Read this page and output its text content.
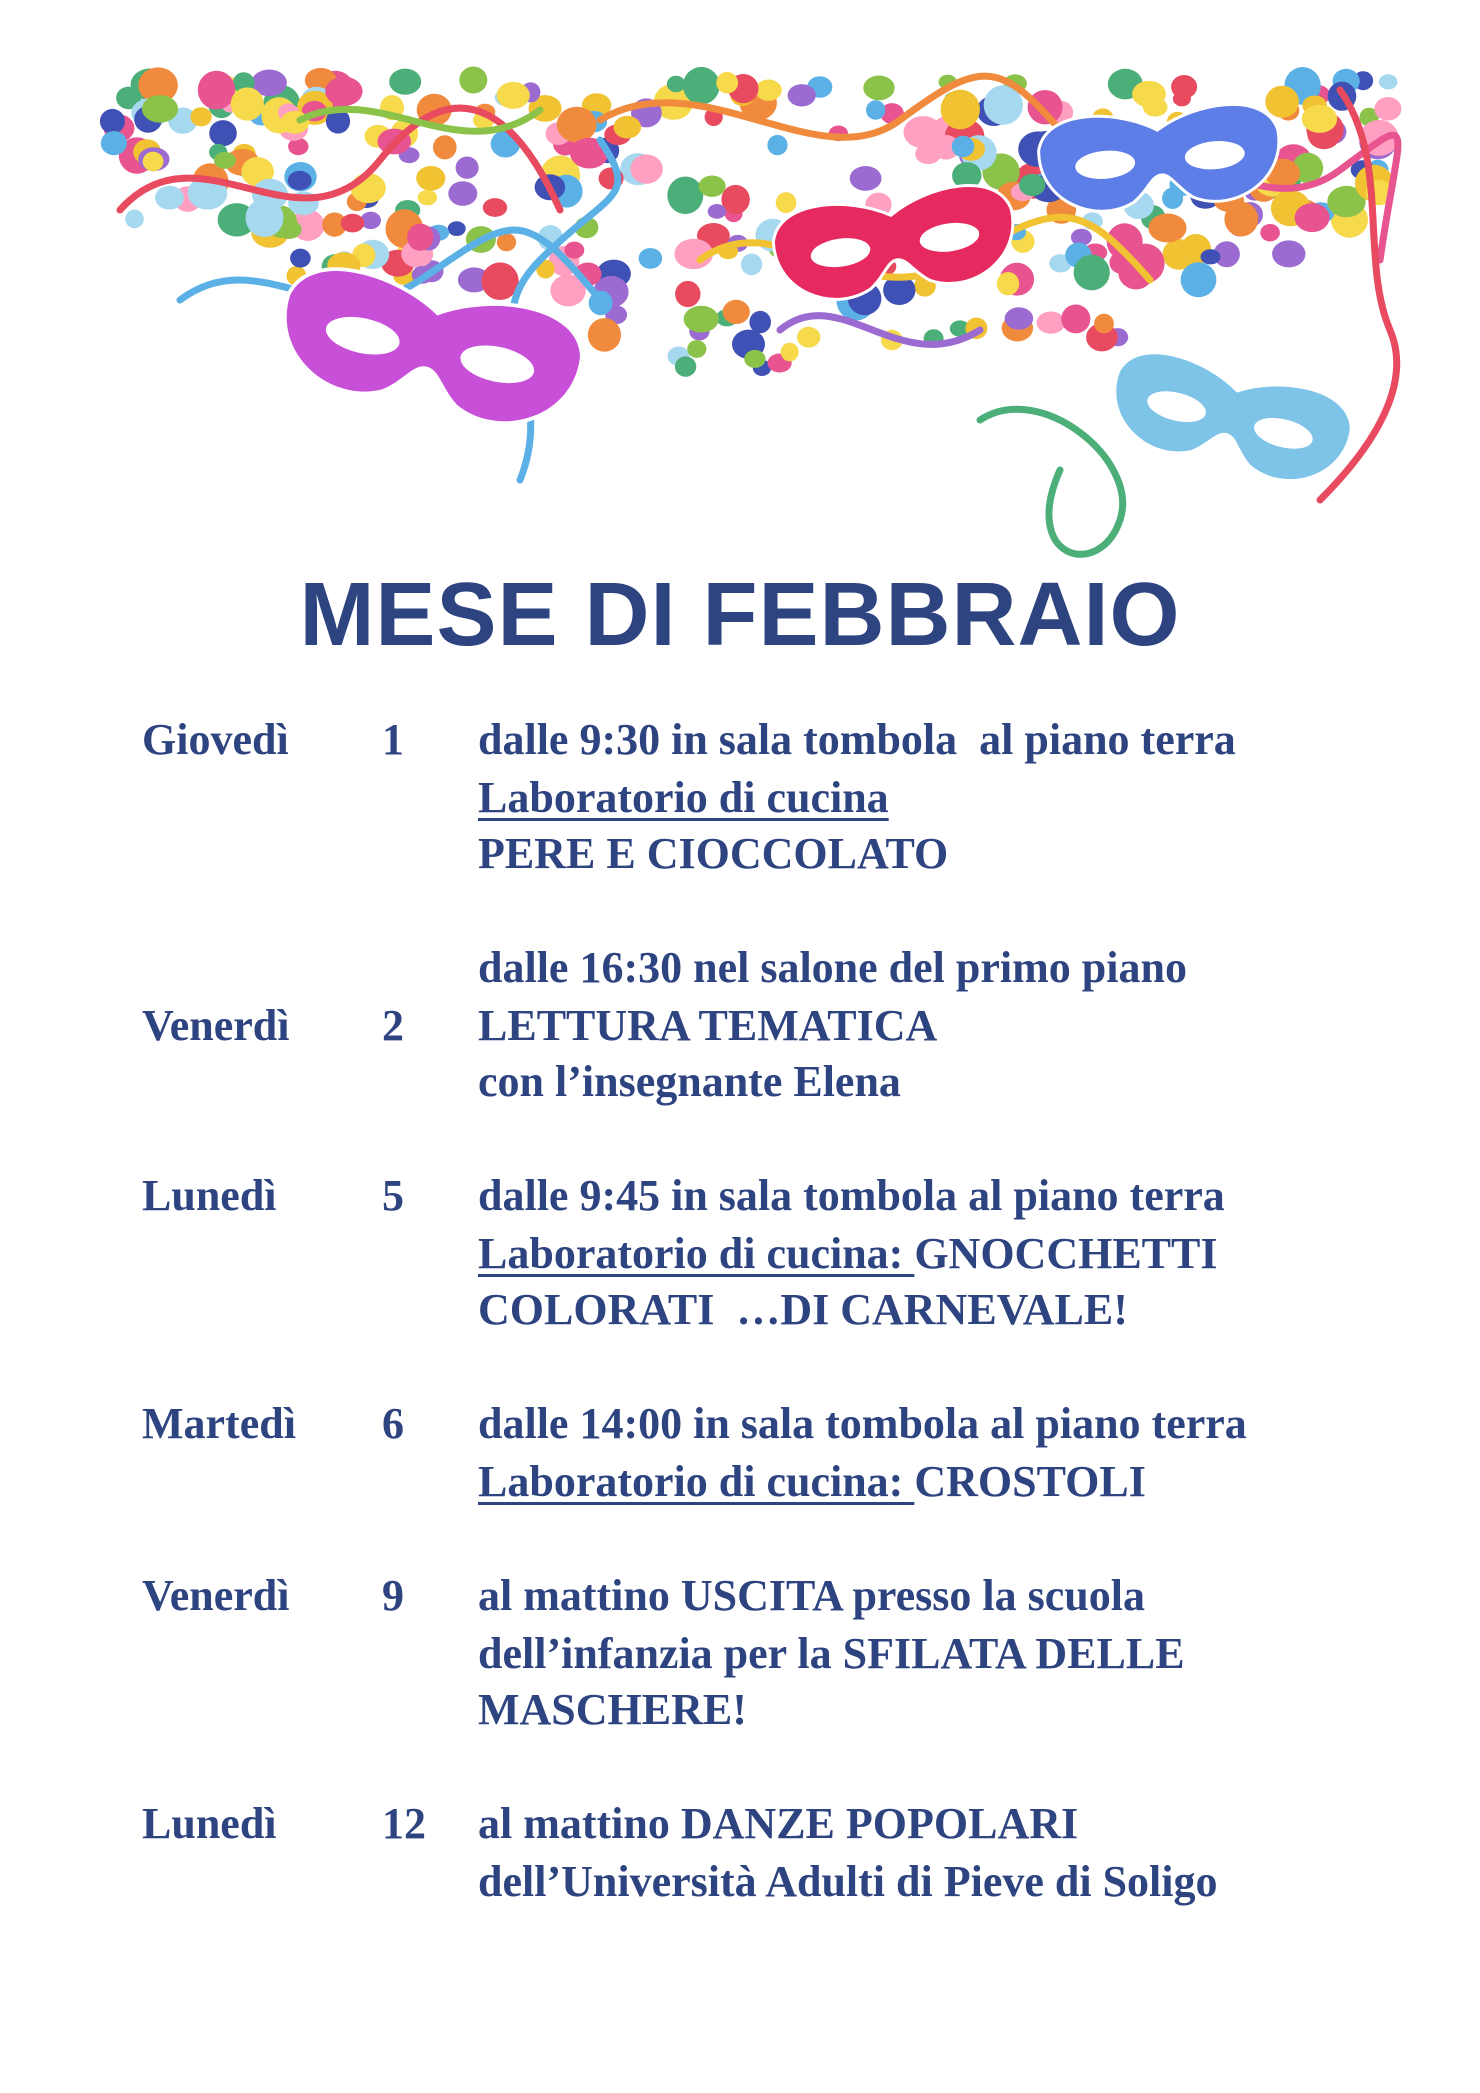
MESE DI FEBBRAIO
Giovedì 1 dalle 9:30 in sala tombola  al piano terra
Laboratorio di cucina
PERE E CIOCCOLATO
Venerdì 2
dalle 16:30 nel salone del primo piano
LETTURA TEMATICA
con l’insegnante Elena
Lunedì 5 dalle 9:45 in sala tombola al piano terra
Laboratorio di cucina: GNOCCHETTI
COLORATI  …DI CARNEVALE!
Martedì 6 dalle 14:00 in sala tombola al piano terra
Laboratorio di cucina: CROSTOLI
Venerdì 9 al mattino USCITA presso la scuola
dell’infanzia per la SFILATA DELLE
MASCHERE!
Lunedì 12 al mattino DANZE POPOLARI
dell’Università Adulti di Pieve di Soligo
